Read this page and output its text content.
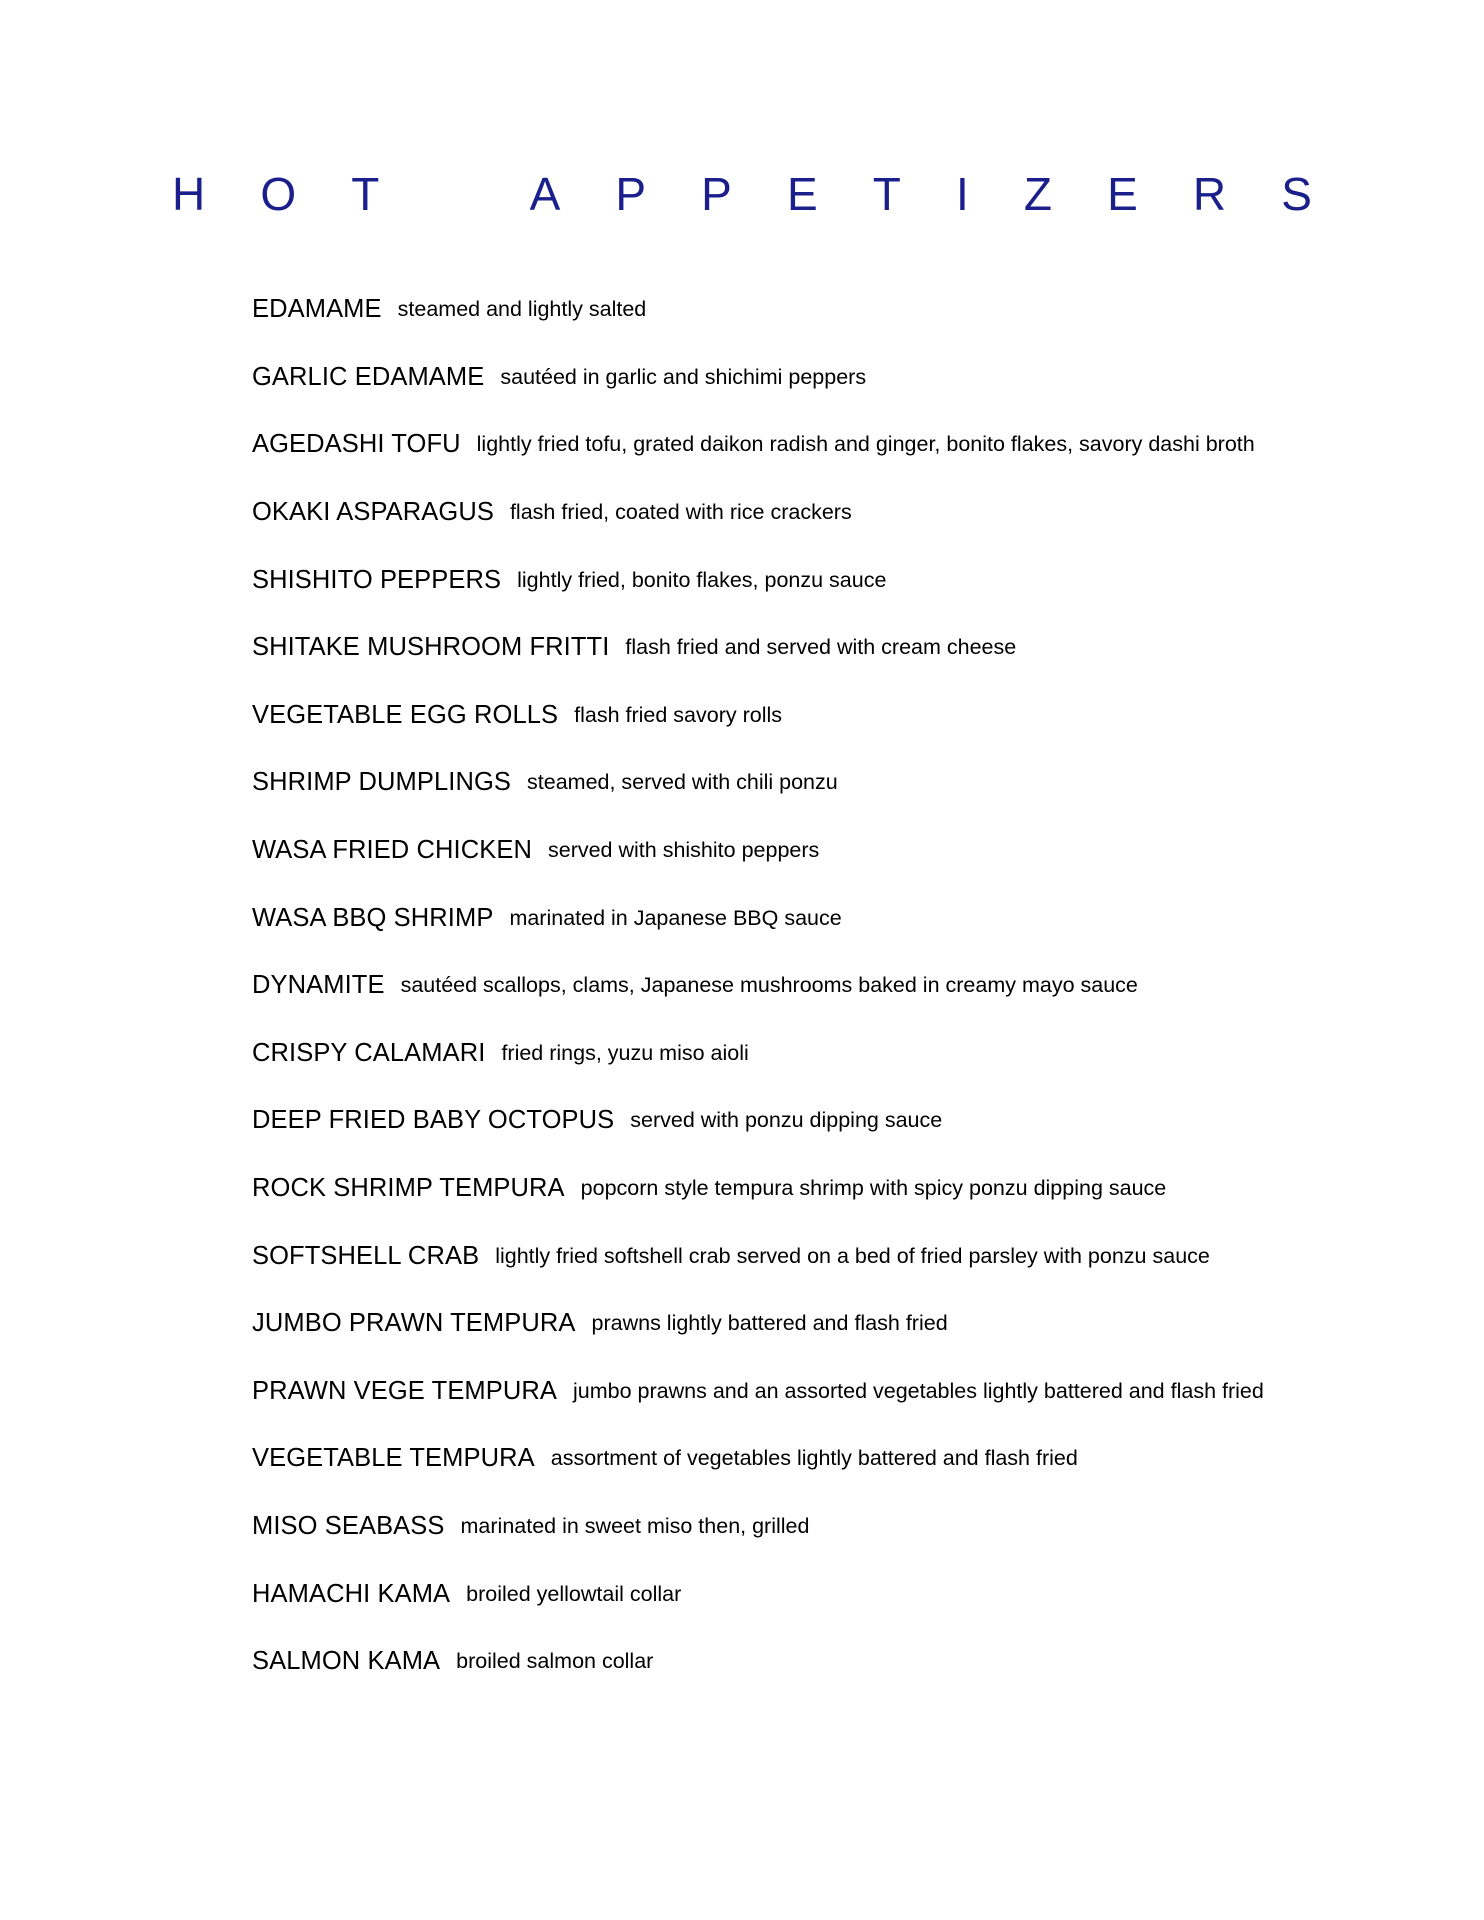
H O T	A P P E T I Z E R S
EDAMAME steamed and lightly salted
GARLIC EDAMAME sautéed in garlic and shichimi peppers
AGEDASHI TOFU lightly fried tofu, grated daikon radish and ginger, bonito flakes, savory dashi broth
OKAKI ASPARAGUS flash fried, coated with rice crackers
SHISHITO PEPPERS lightly fried, bonito flakes, ponzu sauce
SHITAKE MUSHROOM FRITTI flash fried and served with cream cheese
VEGETABLE EGG ROLLS flash fried savory rolls
SHRIMP DUMPLINGS steamed, served with chili ponzu
WASA FRIED CHICKEN served with shishito peppers
WASA BBQ SHRIMP marinated in Japanese BBQ sauce
DYNAMITE sautéed scallops, clams, Japanese mushrooms baked in creamy mayo sauce
CRISPY CALAMARI fried rings, yuzu miso aioli
DEEP FRIED BABY OCTOPUS served with ponzu dipping sauce
ROCK SHRIMP TEMPURA popcorn style tempura shrimp with spicy ponzu dipping sauce
SOFTSHELL CRAB lightly fried softshell crab served on a bed of fried parsley with ponzu sauce
JUMBO PRAWN TEMPURA prawns lightly battered and flash fried
PRAWN VEGE TEMPURA jumbo prawns and an assorted vegetables lightly battered and flash fried
VEGETABLE TEMPURA assortment of vegetables lightly battered and flash fried
MISO SEABASS marinated in sweet miso then, grilled
HAMACHI KAMA broiled yellowtail collar
SALMON KAMA broiled salmon collar
